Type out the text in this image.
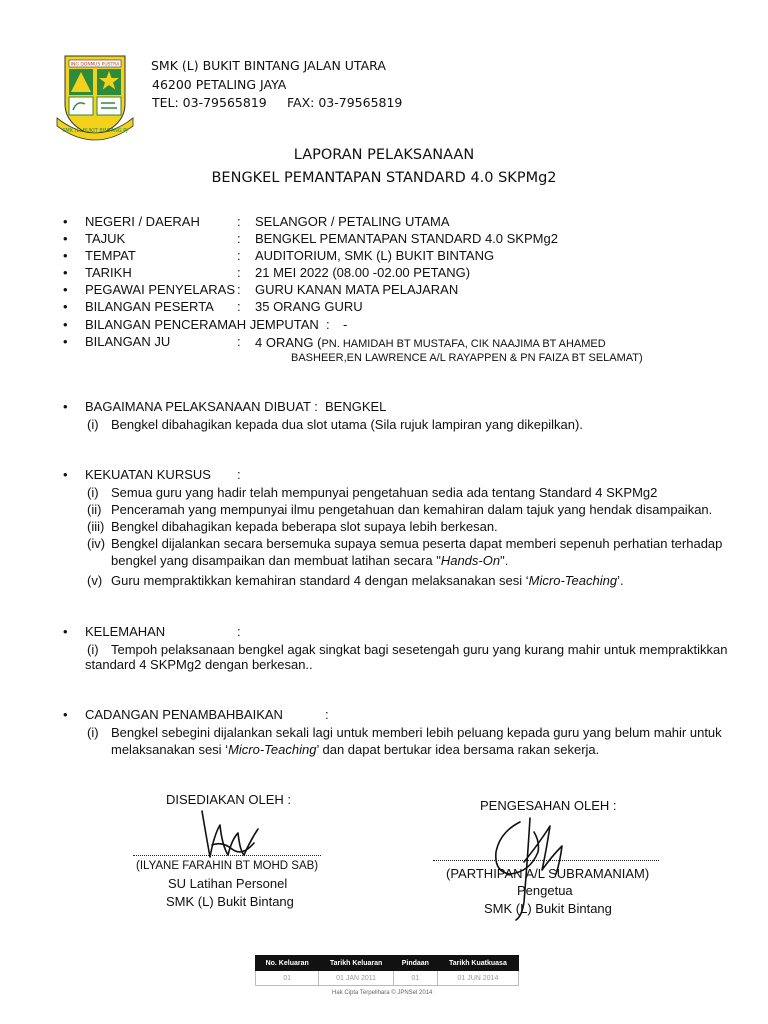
ING DONNUS PUSTRA
SMK (L) BUKIT BINTANG PJ
SMK (L) BUKIT BINTANG JALAN UTARA
46200 PETALING JAYA
TEL: 03-79565819 FAX: 03-79565819
LAPORAN PELAKSANAAN
BENGKEL PEMANTAPAN STANDARD 4.0 SKPMg2
• NEGERI / DAERAH	: SELANGOR / PETALING UTAMA
• TAJUK	: BENGKEL PEMANTAPAN STANDARD 4.0 SKPMg2
• TEMPAT	: AUDITORIUM, SMK (L) BUKIT BINTANG
• TARIKH	: 21 MEI 2022 (08.00 -02.00 PETANG)
• PEGAWAI PENYELARAS : GURU KANAN MATA PELAJARAN
• BILANGAN PESERTA : 35 ORANG GURU
• BILANGAN PENCERAMAH JEMPUTAN : -
• BILANGAN JU	: 4 ORANG (PN. HAMIDAH BT MUSTAFA, CIK NAAJIMA BT AHAMED
BASHEER,EN LAWRENCE A/L RAYAPPEN & PN FAIZA BT SELAMAT)
• BAGAIMANA PELAKSANAAN DIBUAT : BENGKEL
(i) Bengkel dibahagikan kepada dua slot utama (Sila rujuk lampiran yang dikepilkan).
• KEKUATAN KURSUS :
(i) Semua guru yang hadir telah mempunyai pengetahuan sedia ada tentang Standard 4 SKPMg2
(ii) Penceramah yang mempunyai ilmu pengetahuan dan kemahiran dalam tajuk yang hendak disampaikan.
(iii) Bengkel dibahagikan kepada beberapa slot supaya lebih berkesan.
(iv) Bengkel dijalankan secara bersemuka supaya semua peserta dapat memberi sepenuh perhatian terhadap
bengkel yang disampaikan dan membuat latihan secara "Hands-On".
(v) Guru mempraktikkan kemahiran standard 4 dengan melaksanakan sesi ‘Micro-Teaching’.
• KELEMAHAN	:
(i) Tempoh pelaksanaan bengkel agak singkat bagi sesetengah guru yang kurang mahir untuk mempraktikkan
standard 4 SKPMg2 dengan berkesan..
• CADANGAN PENAMBAHBAIKAN	:
(i) Bengkel sebegini dijalankan sekali lagi untuk memberi lebih peluang kepada guru yang belum mahir untuk
melaksanakan sesi ‘Micro-Teaching’ dan dapat bertukar idea bersama rakan sekerja.
DISEDIAKAN OLEH :
(ILYANE FARAHIN BT MOHD SAB)
SU Latihan Personel
SMK (L) Bukit Bintang
PENGESAHAN OLEH :
(PARTHIPAN A/L SUBRAMANIAM)
Pengetua
SMK (L) Bukit Bintang
No. Keluaran	Tarikh Keluaran	Pindaan	Tarikh Kuatkuasa
01	01 JAN 2011	01	01 JUN 2014
Hak Cipta Terpelihara © JPNSel 2014
